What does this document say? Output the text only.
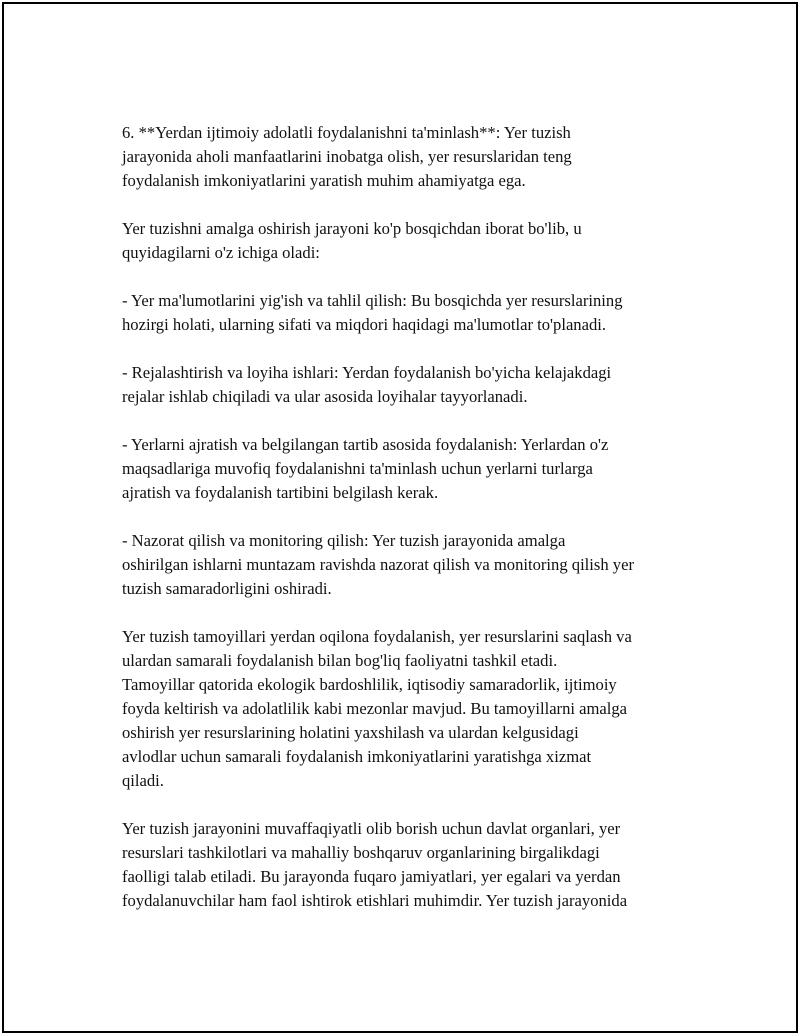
6. **Yerdan ijtimoiy adolatli foydalanishni ta'minlash**: Yer tuzish
jarayonida aholi manfaatlarini inobatga olish, yer resurslaridan teng
foydalanish imkoniyatlarini yaratish muhim ahamiyatga ega.

Yer tuzishni amalga oshirish jarayoni ko'p bosqichdan iborat bo'lib, u
quyidagilarni o'z ichiga oladi:

- Yer ma'lumotlarini yig'ish va tahlil qilish: Bu bosqichda yer resurslarining
hozirgi holati, ularning sifati va miqdori haqidagi ma'lumotlar to'planadi.

- Rejalashtirish va loyiha ishlari: Yerdan foydalanish bo'yicha kelajakdagi
rejalar ishlab chiqiladi va ular asosida loyihalar tayyorlanadi.

- Yerlarni ajratish va belgilangan tartib asosida foydalanish: Yerlardan o'z
maqsadlariga muvofiq foydalanishni ta'minlash uchun yerlarni turlarga
ajratish va foydalanish tartibini belgilash kerak.

- Nazorat qilish va monitoring qilish: Yer tuzish jarayonida amalga
oshirilgan ishlarni muntazam ravishda nazorat qilish va monitoring qilish yer
tuzish samaradorligini oshiradi.

Yer tuzish tamoyillari yerdan oqilona foydalanish, yer resurslarini saqlash va
ulardan samarali foydalanish bilan bog'liq faoliyatni tashkil etadi.
Tamoyillar qatorida ekologik bardoshlilik, iqtisodiy samaradorlik, ijtimoiy
foyda keltirish va adolatlilik kabi mezonlar mavjud. Bu tamoyillarni amalga
oshirish yer resurslarining holatini yaxshilash va ulardan kelgusidagi
avlodlar uchun samarali foydalanish imkoniyatlarini yaratishga xizmat
qiladi.

Yer tuzish jarayonini muvaffaqiyatli olib borish uchun davlat organlari, yer
resurslari tashkilotlari va mahalliy boshqaruv organlarining birgalikdagi
faolligi talab etiladi. Bu jarayonda fuqaro jamiyatlari, yer egalari va yerdan
foydalanuvchilar ham faol ishtirok etishlari muhimdir. Yer tuzish jarayonida
